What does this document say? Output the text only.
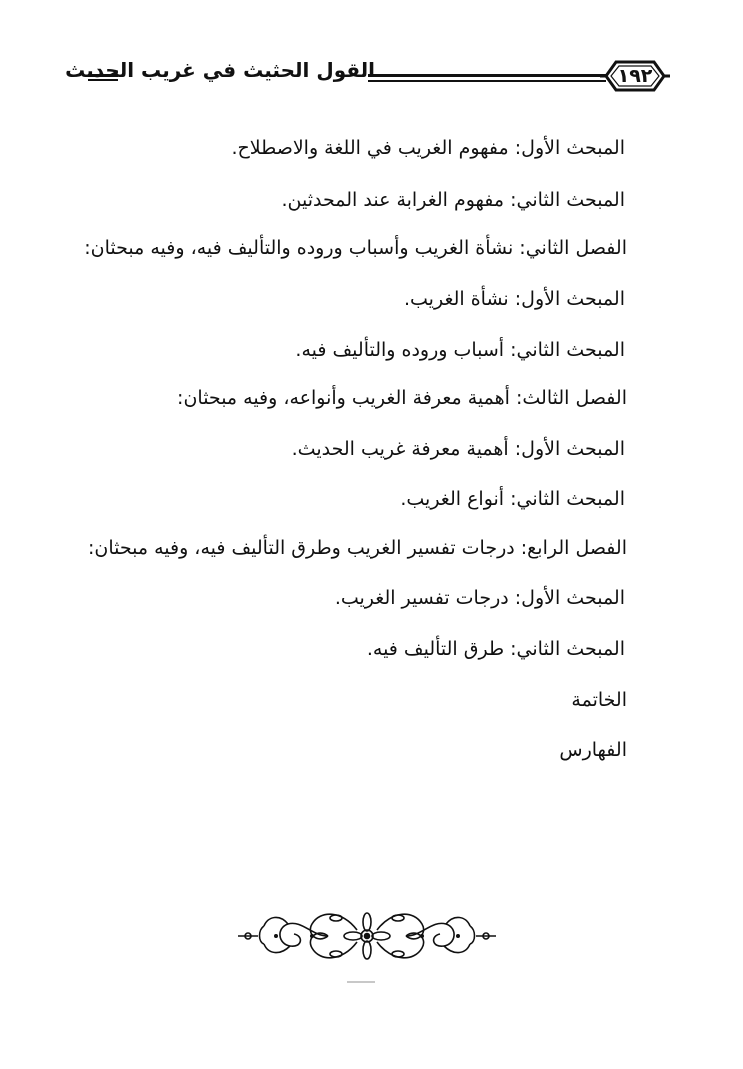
القول الحثيث في غريب الحديث	١٩٢
المبحث الأول: مفهوم الغريب في اللغة والاصطلاح.
المبحث الثاني: مفهوم الغرابة عند المحدثين.
الفصل الثاني: نشأة الغريب وأسباب وروده والتأليف فيه، وفيه مبحثان:
المبحث الأول: نشأة الغريب.
المبحث الثاني: أسباب وروده والتأليف فيه.
الفصل الثالث: أهمية معرفة الغريب وأنواعه، وفيه مبحثان:
المبحث الأول: أهمية معرفة غريب الحديث.
المبحث الثاني: أنواع الغريب.
الفصل الرابع: درجات تفسير الغريب وطرق التأليف فيه، وفيه مبحثان:
المبحث الأول: درجات تفسير الغريب.
المبحث الثاني: طرق التأليف فيه.
الخاتمة
الفهارس
